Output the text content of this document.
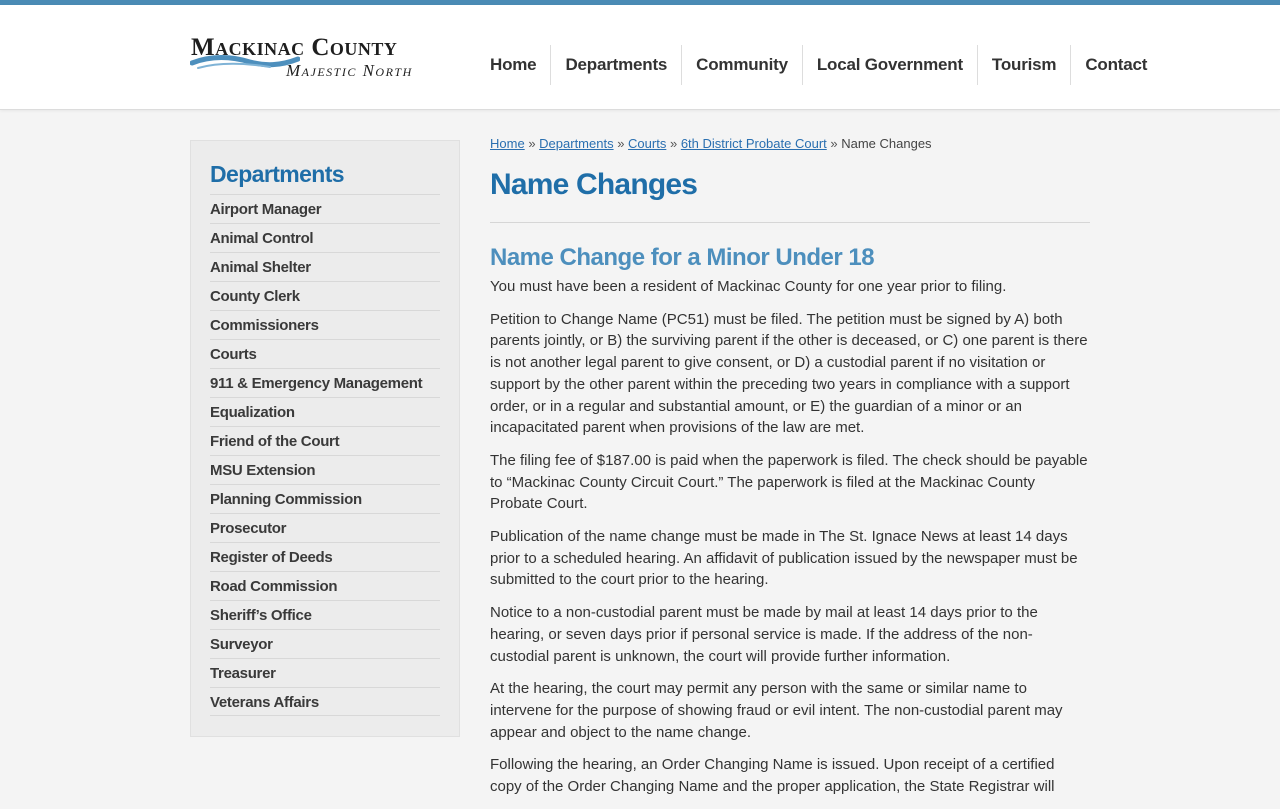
Mackinac County
Majestic North	Home	Departments	Community	Local Government	Tourism	Contact
Departments
Airport Manager
Animal Control
Animal Shelter
County Clerk
Commissioners
Courts
911 & Emergency Management
Equalization
Friend of the Court
MSU Extension
Planning Commission
Prosecutor
Register of Deeds
Road Commission
Sheriff’s Office
Surveyor
Treasurer
Veterans Affairs
Home » Departments » Courts » 6th District Probate Court » Name Changes
Name Changes
Name Change for a Minor Under 18

You must have been a resident of Mackinac County for one year prior to filing.

Petition to Change Name (PC51) must be filed. The petition must be signed by A) both parents jointly, or B) the surviving parent if the other is deceased, or C) one parent is there is not another legal parent to give consent, or D) a custodial parent if no visitation or support by the other parent within the preceding two years in compliance with a support order, or in a regular and substantial amount, or E) the guardian of a minor or an incapacitated parent when provisions of the law are met.

The filing fee of $187.00 is paid when the paperwork is filed. The check should be payable to “Mackinac County Circuit Court.” The paperwork is filed at the Mackinac County Probate Court.

Publication of the name change must be made in The St. Ignace News at least 14 days prior to a scheduled hearing. An affidavit of publication issued by the newspaper must be submitted to the court prior to the hearing.

Notice to a non-custodial parent must be made by mail at least 14 days prior to the hearing, or seven days prior if personal service is made. If the address of the non-custodial parent is unknown, the court will provide further information.

At the hearing, the court may permit any person with the same or similar name to intervene for the purpose of showing fraud or evil intent. The non-custodial parent may appear and object to the name change.

Following the hearing, an Order Changing Name is issued. Upon receipt of a certified copy of the Order Changing Name and the proper application, the State Registrar will
